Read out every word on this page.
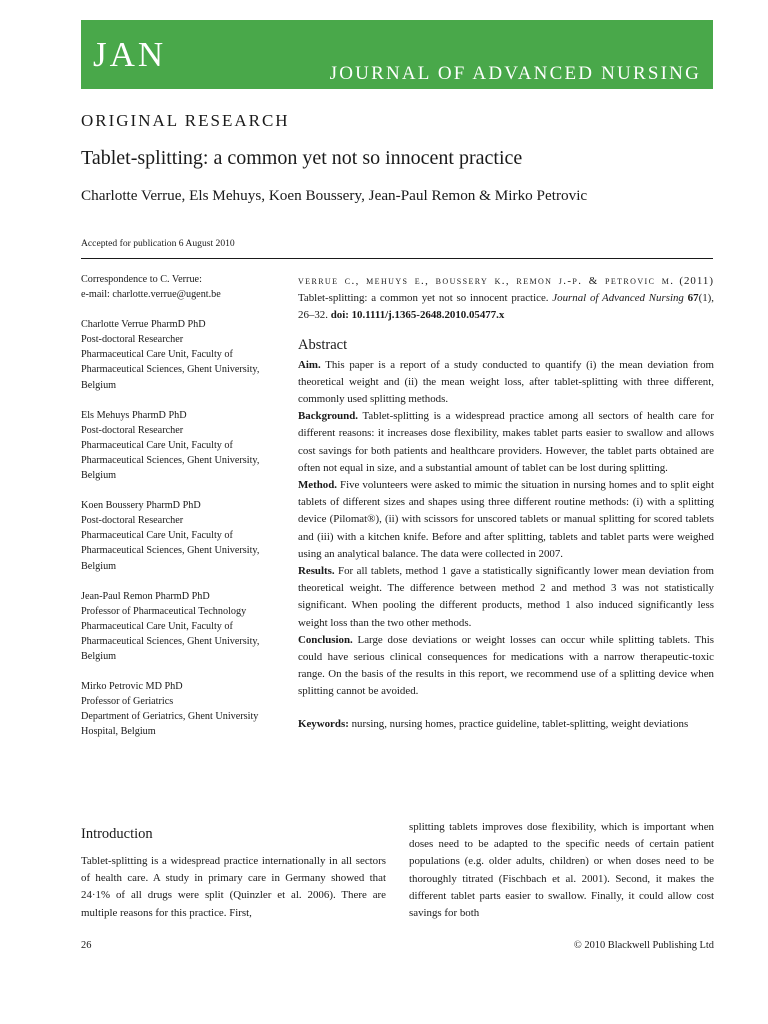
JAN	JOURNAL OF ADVANCED NURSING
ORIGINAL RESEARCH
Tablet-splitting: a common yet not so innocent practice
Charlotte Verrue, Els Mehuys, Koen Boussery, Jean-Paul Remon & Mirko Petrovic
Accepted for publication 6 August 2010
Correspondence to C. Verrue:
e-mail: charlotte.verrue@ugent.be
Charlotte Verrue PharmD PhD
Post-doctoral Researcher
Pharmaceutical Care Unit, Faculty of
Pharmaceutical Sciences, Ghent University,
Belgium
Els Mehuys PharmD PhD
Post-doctoral Researcher
Pharmaceutical Care Unit, Faculty of
Pharmaceutical Sciences, Ghent University,
Belgium
Koen Boussery PharmD PhD
Post-doctoral Researcher
Pharmaceutical Care Unit, Faculty of
Pharmaceutical Sciences, Ghent University,
Belgium
Jean-Paul Remon PharmD PhD
Professor of Pharmaceutical Technology
Pharmaceutical Care Unit, Faculty of
Pharmaceutical Sciences, Ghent University,
Belgium
Mirko Petrovic MD PhD
Professor of Geriatrics
Department of Geriatrics, Ghent University
Hospital, Belgium
verrue c., mehuys e., boussery k., remon j.-p. & petrovic m. (2011) Tablet-splitting: a common yet not so innocent practice. Journal of Advanced Nursing 67(1), 26–32. doi: 10.1111/j.1365-2648.2010.05477.x
Abstract

Aim. This paper is a report of a study conducted to quantify (i) the mean deviation from theoretical weight and (ii) the mean weight loss, after tablet-splitting with three different, commonly used splitting methods.

Background. Tablet-splitting is a widespread practice among all sectors of health care for different reasons: it increases dose flexibility, makes tablet parts easier to swallow and allows cost savings for both patients and healthcare providers. However, the tablet parts obtained are often not equal in size, and a substantial amount of tablet can be lost during splitting.

Method. Five volunteers were asked to mimic the situation in nursing homes and to split eight tablets of different sizes and shapes using three different routine methods: (i) with a splitting device (Pilomat®), (ii) with scissors for unscored tablets or manual splitting for scored tablets and (iii) with a kitchen knife. Before and after splitting, tablets and tablet parts were weighed using an analytical balance. The data were collected in 2007.

Results. For all tablets, method 1 gave a statistically significantly lower mean deviation from theoretical weight. The difference between method 2 and method 3 was not statistically significant. When pooling the different products, method 1 also induced significantly less weight loss than the two other methods.

Conclusion. Large dose deviations or weight losses can occur while splitting tablets. This could have serious clinical consequences for medications with a narrow therapeutic-toxic range. On the basis of the results in this report, we recommend use of a splitting device when splitting cannot be avoided.

Keywords: nursing, nursing homes, practice guideline, tablet-splitting, weight deviations

Introduction
Tablet-splitting is a widespread practice internationally in all sectors of health care. A study in primary care in Germany showed that 24·1% of all drugs were split (Quinzler et al. 2006). There are multiple reasons for this practice. First,
splitting tablets improves dose flexibility, which is important when doses need to be adapted to the specific needs of certain patient populations (e.g. older adults, children) or when doses need to be thoroughly titrated (Fischbach et al. 2001). Second, it makes the different tablet parts easier to swallow. Finally, it could allow cost savings for both
26	© 2010 Blackwell Publishing Ltd
